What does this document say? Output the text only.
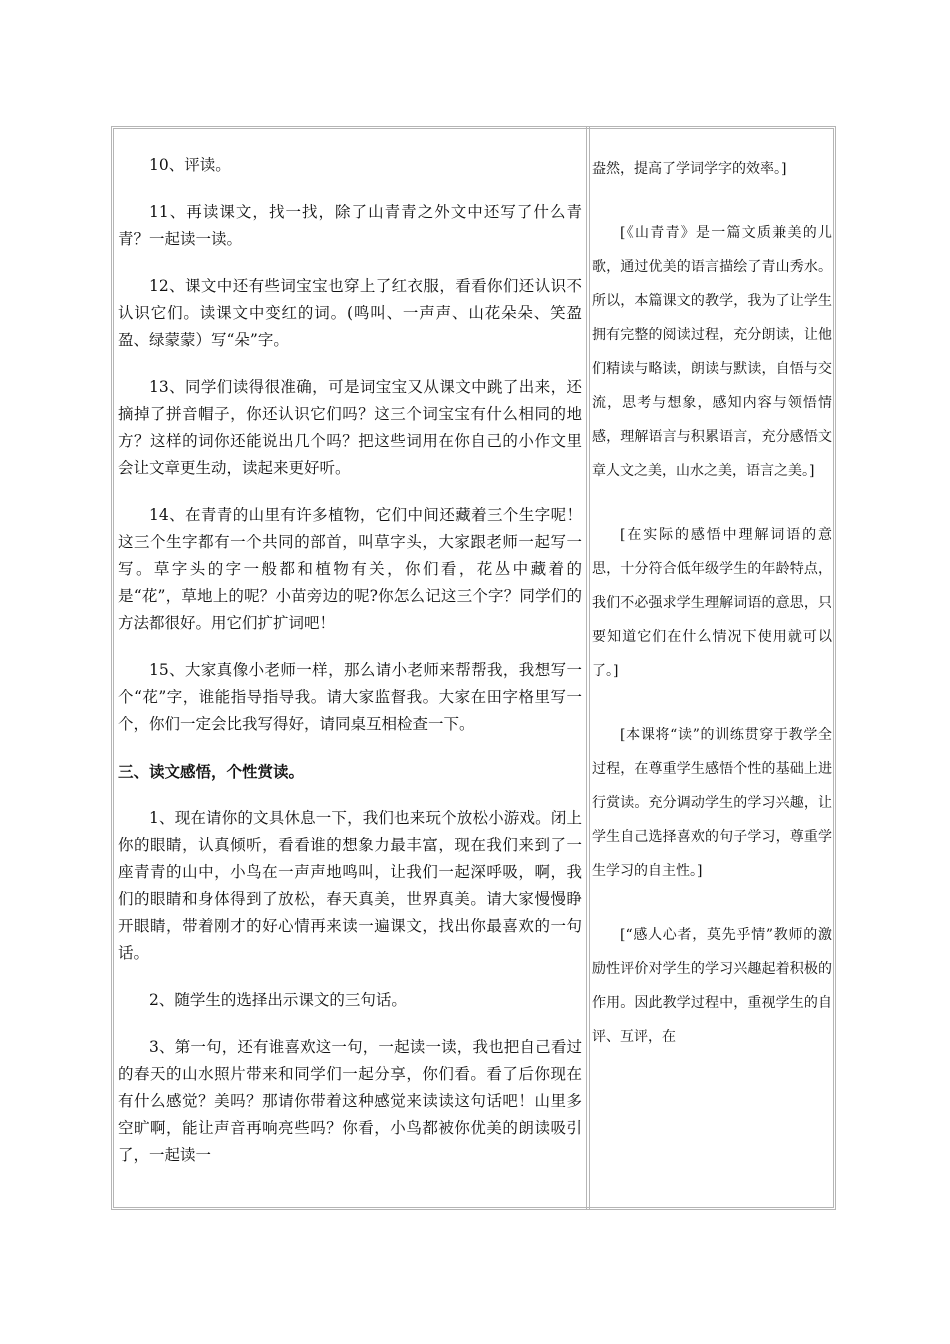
10、评读。

11、再读课文，找一找，除了山青青之外文中还写了什么青青？一起读一读。

12、课文中还有些词宝宝也穿上了红衣服，看看你们还认识不认识它们。读课文中变红的词。(鸣叫、一声声、山花朵朵、笑盈盈、绿蒙蒙）写“朵”字。

13、同学们读得很准确，可是词宝宝又从课文中跳了出来，还摘掉了拼音帽子，你还认识它们吗？这三个词宝宝有什么相同的地方？这样的词你还能说出几个吗？把这些词用在你自己的小作文里会让文章更生动，读起来更好听。

14、在青青的山里有许多植物，它们中间还藏着三个生字呢！这三个生字都有一个共同的部首，叫草字头，大家跟老师一起写一写。草字头的字一般都和植物有关，你们看，花丛中藏着的是“花”，草地上的呢？小苗旁边的呢?你怎么记这三个字？同学们的方法都很好。用它们扩扩词吧！

15、大家真像小老师一样，那么请小老师来帮帮我，我想写一个“花”字，谁能指导指导我。请大家监督我。大家在田字格里写一个，你们一定会比我写得好，请同桌互相检查一下。

三、读文感悟，个性赏读。

1、现在请你的文具休息一下，我们也来玩个放松小游戏。闭上你的眼睛，认真倾听，看看谁的想象力最丰富，现在我们来到了一座青青的山中，小鸟在一声声地鸣叫，让我们一起深呼吸，啊，我们的眼睛和身体得到了放松，春天真美，世界真美。请大家慢慢睁开眼睛，带着刚才的好心情再来读一遍课文，找出你最喜欢的一句话。

2、随学生的选择出示课文的三句话。

3、第一句，还有谁喜欢这一句，一起读一读，我也把自己看过的春天的山水照片带来和同学们一起分享，你们看。看了后你现在有什么感觉？美吗？那请你带着这种感觉来读读这句话吧！山里多空旷啊，能让声音再响亮些吗？你看，小鸟都被你优美的朗读吸引了，一起读一

盎然，提高了学词学字的效率。]

[《山青青》是一篇文质兼美的儿歌，通过优美的语言描绘了青山秀水。所以，本篇课文的教学，我为了让学生拥有完整的阅读过程，充分朗读，让他们精读与略读，朗读与默读，自悟与交流，思考与想象，感知内容与领悟情感，理解语言与积累语言，充分感悟文章人文之美，山水之美，语言之美。]

[在实际的感悟中理解词语的意思，十分符合低年级学生的年龄特点，我们不必强求学生理解词语的意思，只要知道它们在什么情况下使用就可以了。]

[本课将“读”的训练贯穿于教学全过程，在尊重学生感悟个性的基础上进行赏读。充分调动学生的学习兴趣，让学生自己选择喜欢的句子学习，尊重学生学习的自主性。]

[“感人心者，莫先乎情”教师的激励性评价对学生的学习兴趣起着积极的作用。因此教学过程中，重视学生的自评、互评，在
